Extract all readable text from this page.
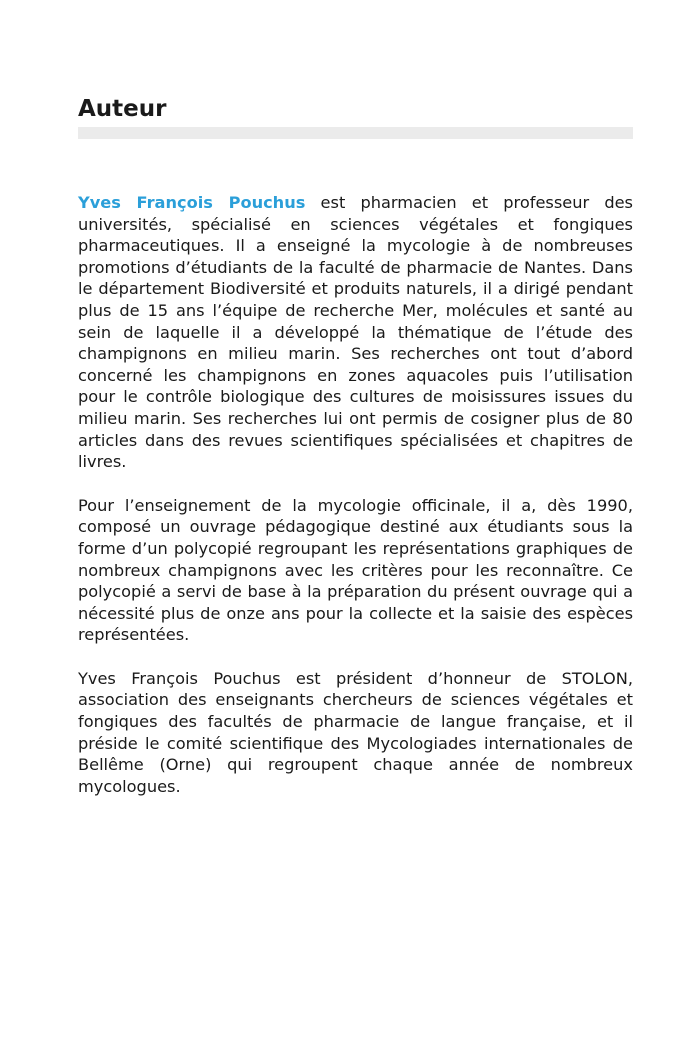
Auteur

Yves François Pouchus est pharmacien et professeur des universités, spécialisé en sciences végétales et fongiques pharmaceutiques. Il a enseigné la mycologie à de nombreuses promotions d’étudiants de la faculté de pharmacie de Nantes. Dans le département Biodiversité et produits naturels, il a dirigé pendant plus de 15 ans l’équipe de recherche Mer, molécules et santé au sein de laquelle il a développé la thématique de l’étude des champignons en milieu marin. Ses recherches ont tout d’abord concerné les champignons en zones aquacoles puis l’utilisation pour le contrôle biologique des cultures de moisissures issues du milieu marin. Ses recherches lui ont permis de cosigner plus de 80 articles dans des revues scientifiques spécialisées et chapitres de livres.

Pour l’enseignement de la mycologie officinale, il a, dès 1990, composé un ouvrage pédagogique destiné aux étudiants sous la forme d’un polycopié regroupant les représentations graphiques de nombreux champignons avec les critères pour les reconnaître. Ce polycopié a servi de base à la préparation du présent ouvrage qui a nécessité plus de onze ans pour la collecte et la saisie des espèces représentées.

Yves François Pouchus est président d’honneur de STOLON, association des enseignants chercheurs de sciences végétales et fongiques des facultés de pharmacie de langue française, et il préside le comité scientifique des Mycologiades internationales de Bellême (Orne) qui regroupent chaque année de nombreux mycologues.
